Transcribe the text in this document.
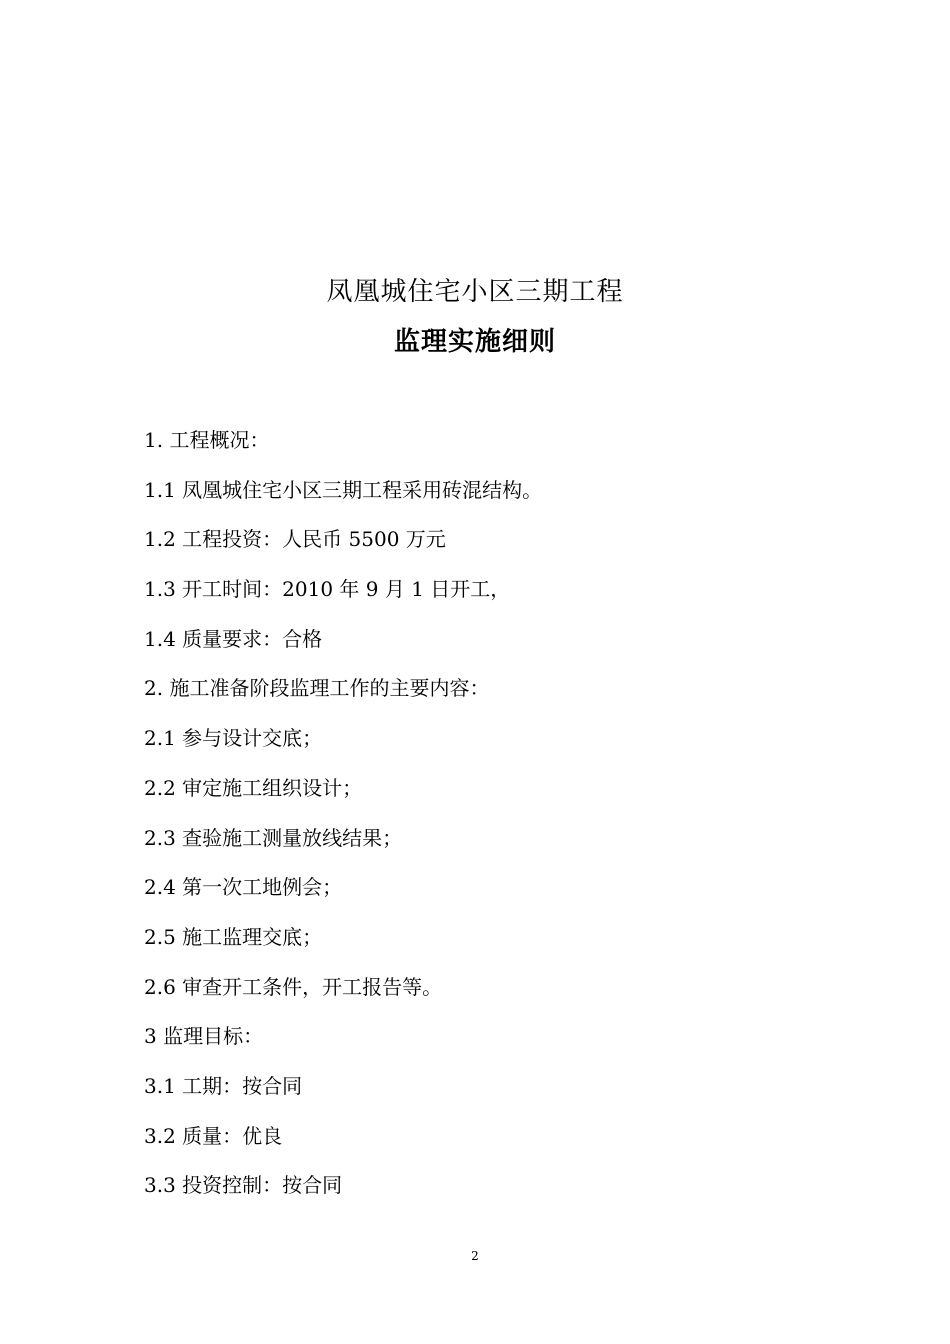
凤凰城住宅小区三期工程
监理实施细则
1. 工程概况：
1.1 凤凰城住宅小区三期工程采用砖混结构。
1.2 工程投资：人民币 5500 万元
1.3 开工时间：2010 年 9 月 1 日开工，
1.4 质量要求：合格
2. 施工准备阶段监理工作的主要内容：
2.1 参与设计交底；
2.2 审定施工组织设计；
2.3 查验施工测量放线结果；
2.4 第一次工地例会；
2.5 施工监理交底；
2.6 审查开工条件，开工报告等。
3 监理目标：
3.1 工期：按合同
3.2 质量：优良
3.3 投资控制：按合同
2
